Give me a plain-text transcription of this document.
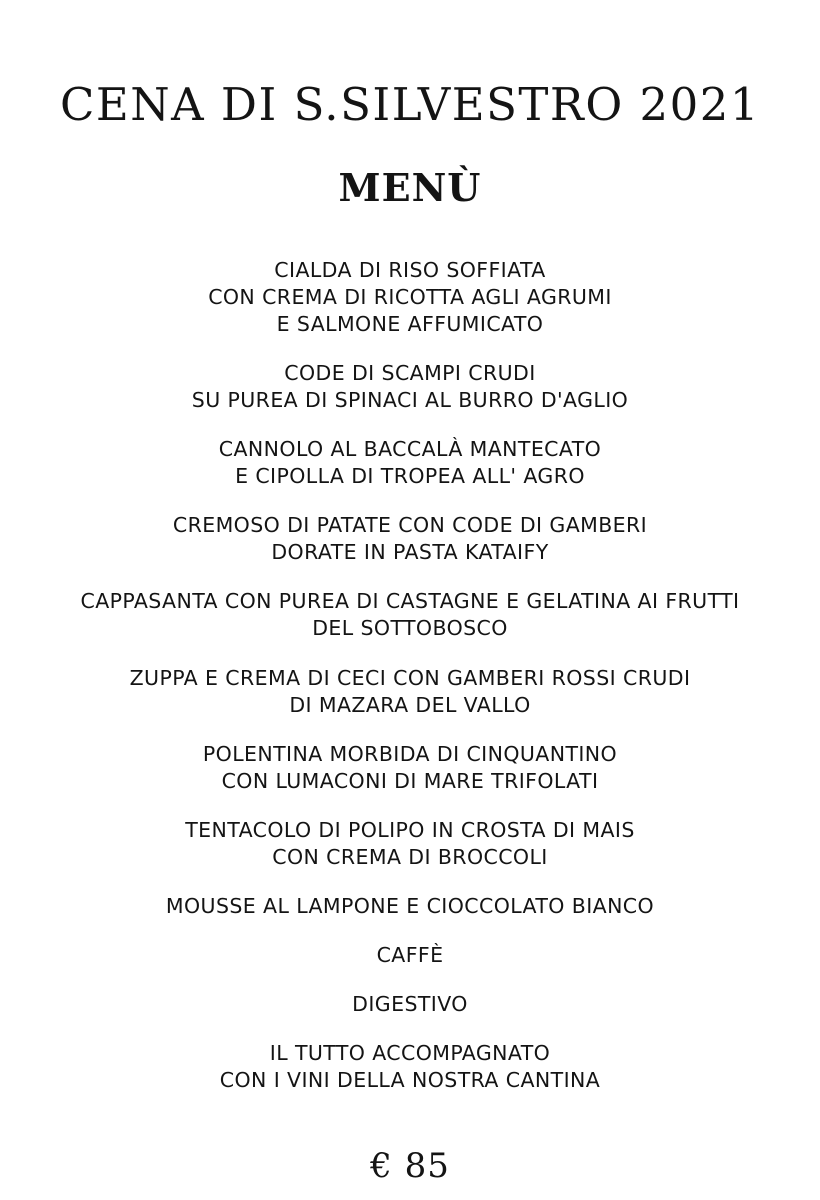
CENA DI S.SILVESTRO 2021
MENÙ
CIALDA DI RISO SOFFIATA
CON CREMA DI RICOTTA AGLI AGRUMI
E SALMONE AFFUMICATO
CODE DI SCAMPI CRUDI
SU PUREA DI SPINACI AL BURRO D'AGLIO
CANNOLO AL BACCALÀ MANTECATO
E CIPOLLA DI TROPEA ALL' AGRO
CREMOSO DI PATATE CON CODE DI GAMBERI
DORATE IN PASTA KATAIFY
CAPPASANTA CON PUREA DI CASTAGNE E GELATINA AI FRUTTI
DEL SOTTOBOSCO
ZUPPA E CREMA DI CECI CON GAMBERI ROSSI CRUDI
DI MAZARA DEL VALLO
POLENTINA MORBIDA DI CINQUANTINO
CON LUMACONI DI MARE TRIFOLATI
TENTACOLO DI POLIPO IN CROSTA DI MAIS
CON CREMA DI BROCCOLI
MOUSSE AL LAMPONE E CIOCCOLATO BIANCO
CAFFÈ
DIGESTIVO
IL TUTTO ACCOMPAGNATO
CON I VINI DELLA NOSTRA CANTINA
€ 85
